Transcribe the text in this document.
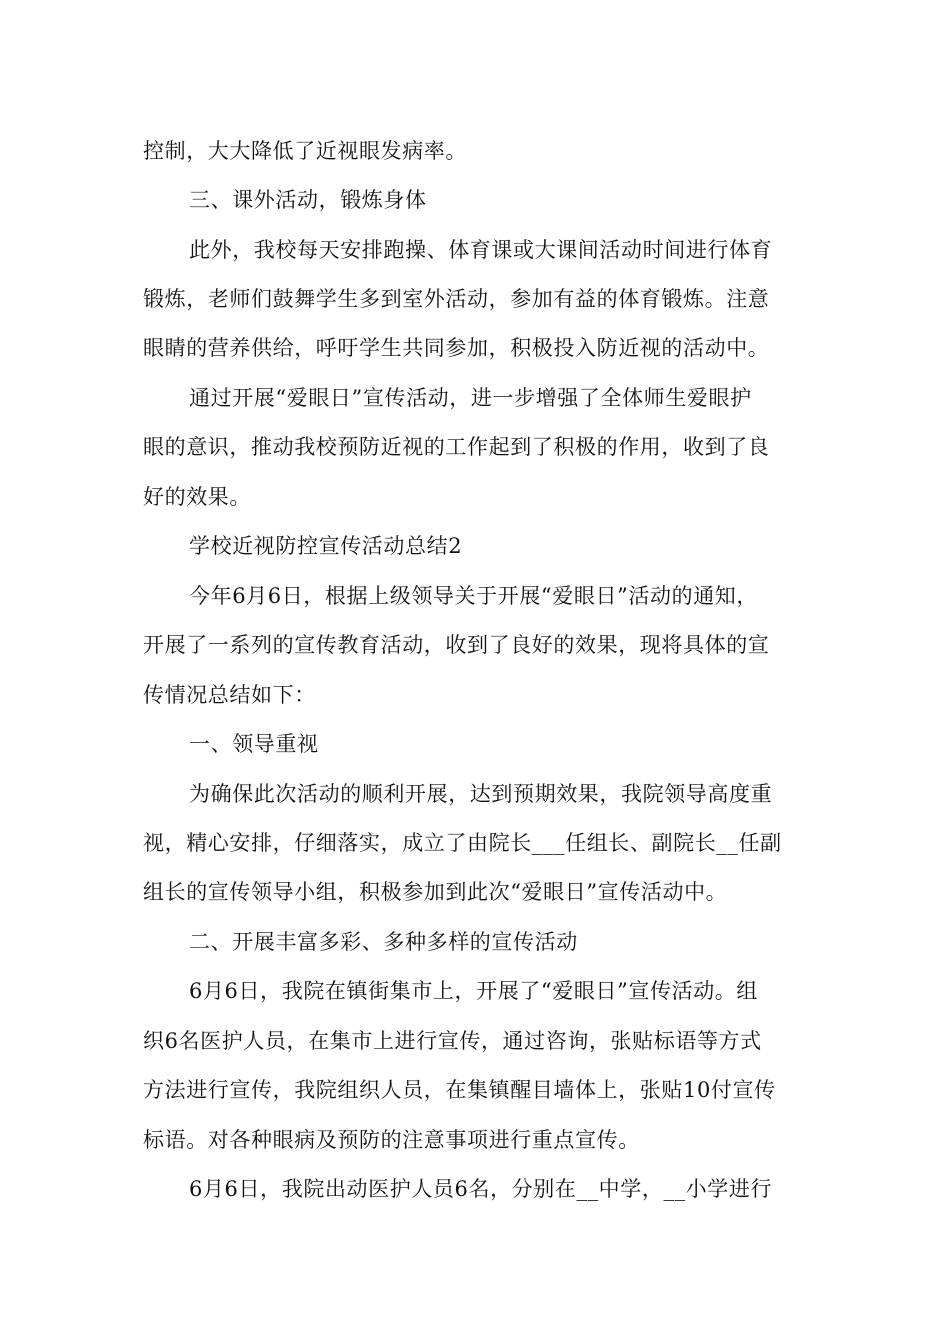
控制，大大降低了近视眼发病率。
三、课外活动，锻炼身体
此外，我校每天安排跑操、体育课或大课间活动时间进行体育
锻炼，老师们鼓舞学生多到室外活动，参加有益的体育锻炼。注意
眼睛的营养供给，呼吁学生共同参加，积极投入防近视的活动中。
通过开展“爱眼日”宣传活动，进一步增强了全体师生爱眼护
眼的意识，推动我校预防近视的工作起到了积极的作用，收到了良
好的效果。
学校近视防控宣传活动总结2
今年6月6日，根据上级领导关于开展“爱眼日”活动的通知，
开展了一系列的宣传教育活动，收到了良好的效果，现将具体的宣
传情况总结如下：
一、领导重视
为确保此次活动的顺利开展，达到预期效果，我院领导高度重
视，精心安排，仔细落实，成立了由院长___任组长、副院长__任副
组长的宣传领导小组，积极参加到此次“爱眼日”宣传活动中。
二、开展丰富多彩、多种多样的宣传活动
6月6日，我院在镇街集市上，开展了“爱眼日”宣传活动。组
织6名医护人员，在集市上进行宣传，通过咨询，张贴标语等方式
方法进行宣传，我院组织人员，在集镇醒目墙体上，张贴10付宣传
标语。对各种眼病及预防的注意事项进行重点宣传。
6月6日，我院出动医护人员6名，分别在__中学，__小学进行
